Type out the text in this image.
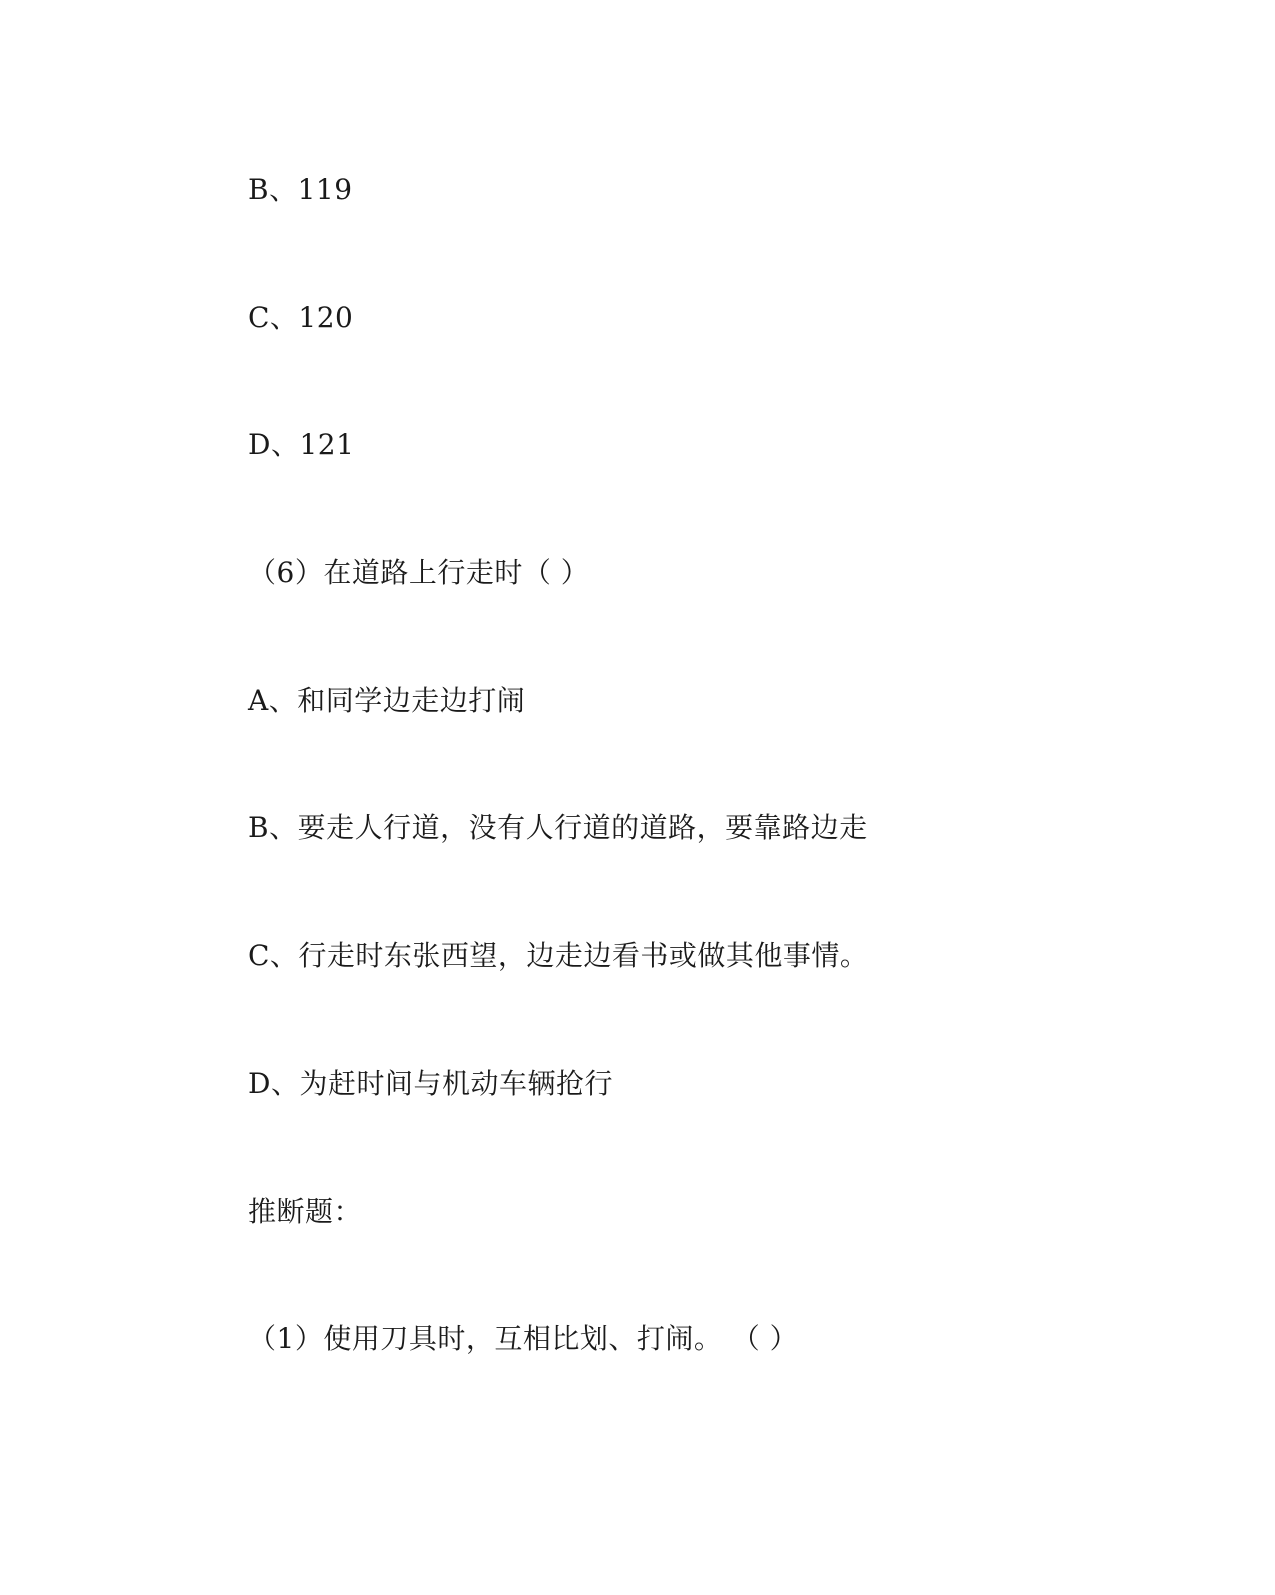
B、119
C、120
D、121
（6）在道路上行走时（ ）
A、和同学边走边打闹
B、要走人行道，没有人行道的道路，要靠路边走
C、行走时东张西望，边走边看书或做其他事情。
D、为赶时间与机动车辆抢行
推断题：
（1）使用刀具时，互相比划、打闹。 （ ）
